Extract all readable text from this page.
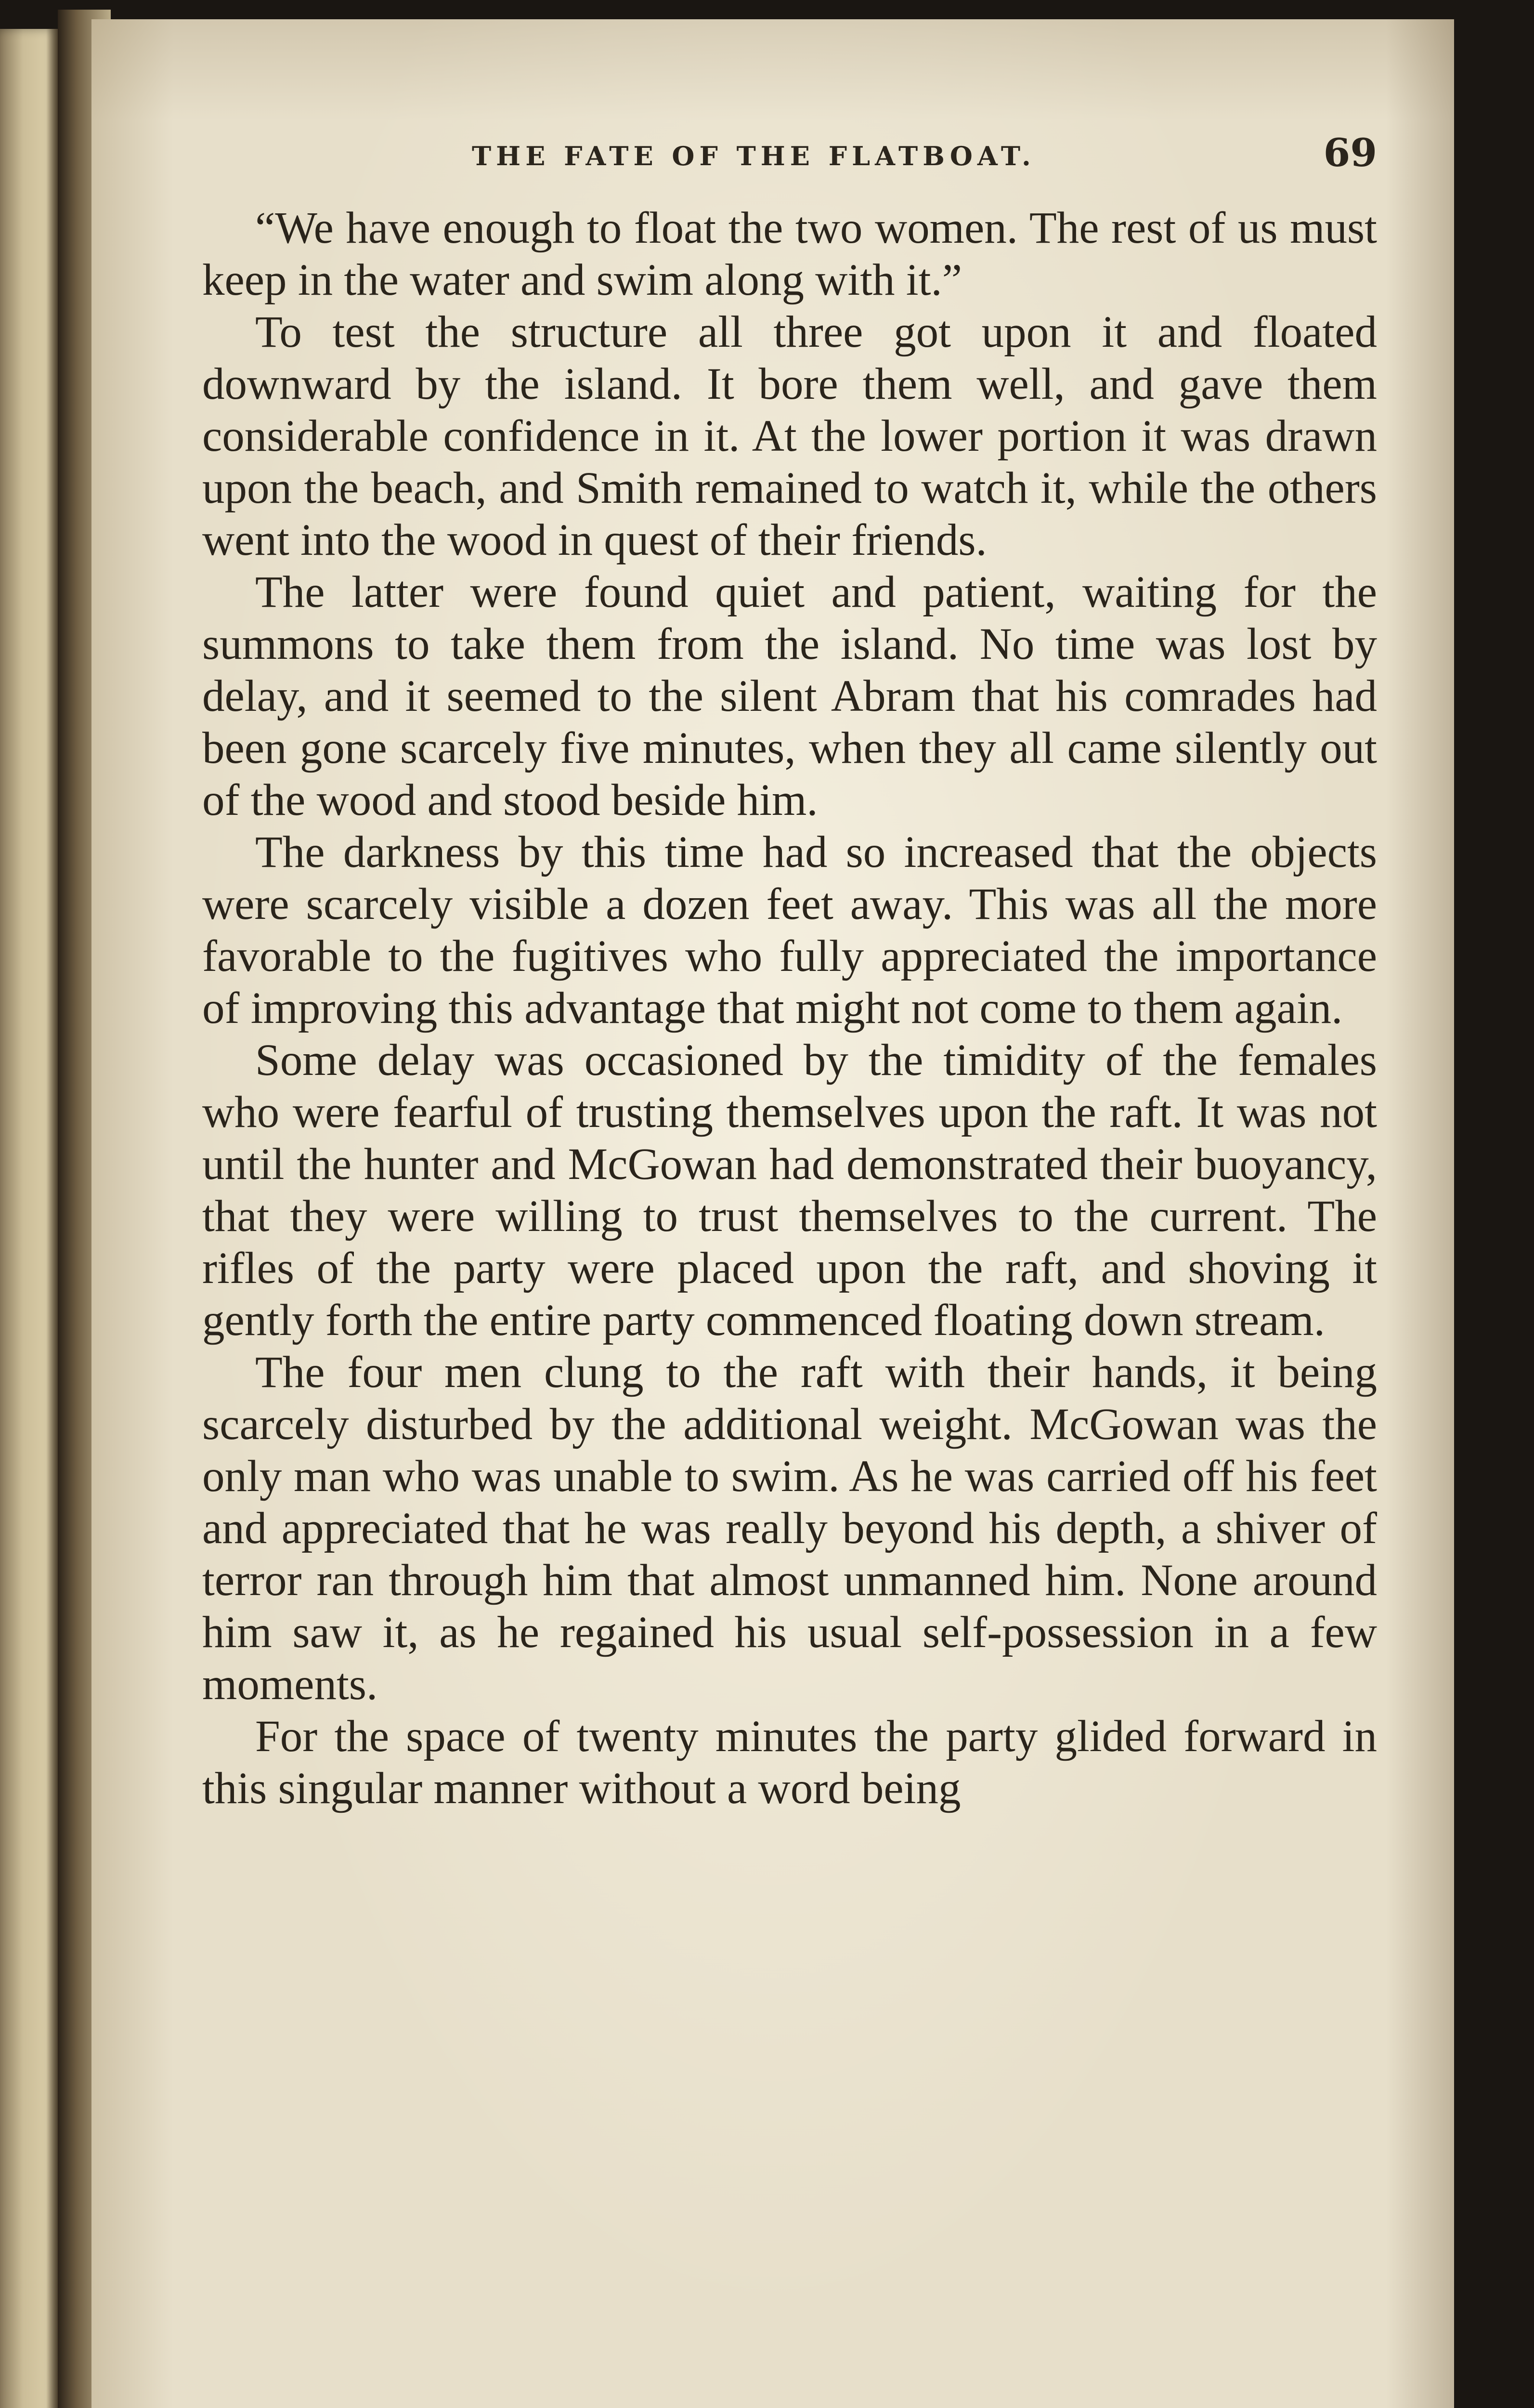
THE FATE OF THE FLATBOAT.	69

“We have enough to float the two women. The rest of us must keep in the water and swim along with it.”

To test the structure all three got upon it and floated downward by the island. It bore them well, and gave them considerable confidence in it. At the lower portion it was drawn upon the beach, and Smith remained to watch it, while the others went into the wood in quest of their friends.

The latter were found quiet and patient, waiting for the summons to take them from the island. No time was lost by delay, and it seemed to the silent Abram that his comrades had been gone scarcely five minutes, when they all came silently out of the wood and stood beside him.

The darkness by this time had so increased that the objects were scarcely visible a dozen feet away. This was all the more favorable to the fugitives who fully appreciated the importance of improving this advantage that might not come to them again.

Some delay was occasioned by the timidity of the females who were fearful of trusting themselves upon the raft. It was not until the hunter and McGowan had demonstrated their buoyancy, that they were willing to trust themselves to the current. The rifles of the party were placed upon the raft, and shoving it gently forth the entire party commenced floating down stream.

The four men clung to the raft with their hands, it being scarcely disturbed by the additional weight. McGowan was the only man who was unable to swim. As he was carried off his feet and appreciated that he was really beyond his depth, a shiver of terror ran through him that almost unmanned him. None around him saw it, as he regained his usual self-possession in a few moments.

For the space of twenty minutes the party glided forward in this singular manner without a word being
